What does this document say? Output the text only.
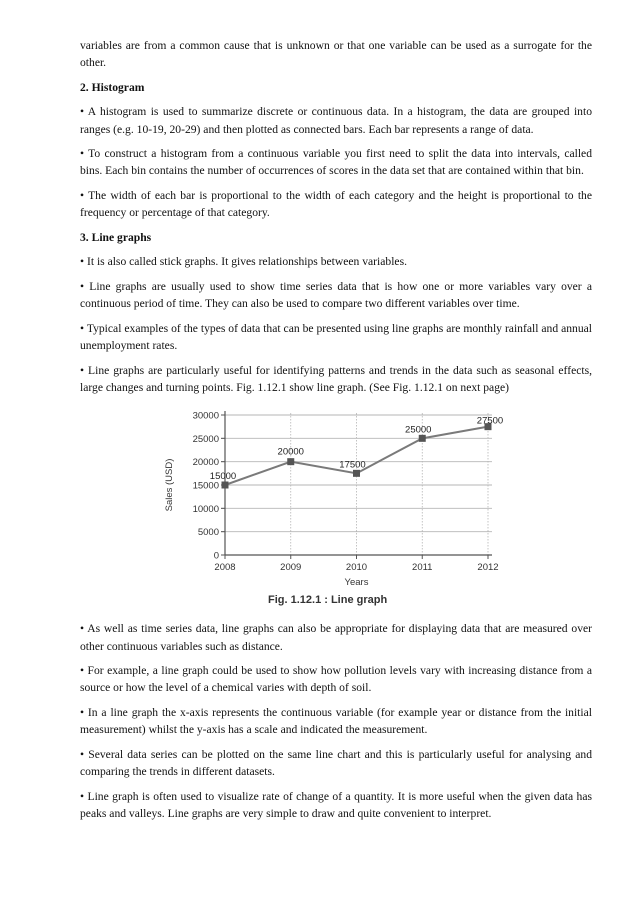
variables are from a common cause that is unknown or that one variable can be used as a surrogate for the other.

2. Histogram

• A histogram is used to summarize discrete or continuous data. In a histogram, the data are grouped into ranges (e.g. 10-19, 20-29) and then plotted as connected bars. Each bar represents a range of data.

• To construct a histogram from a continuous variable you first need to split the data into intervals, called bins. Each bin contains the number of occurrences of scores in the data set that are contained within that bin.

• The width of each bar is proportional to the width of each category and the height is proportional to the frequency or percentage of that category.

3. Line graphs

• It is also called stick graphs. It gives relationships between variables.

• Line graphs are usually used to show time series data that is how one or more variables vary over a continuous period of time. They can also be used to compare two different variables over time.

• Typical examples of the types of data that can be presented using line graphs are monthly rainfall and annual unemployment rates.

• Line graphs are particularly useful for identifying patterns and trends in the data such as seasonal effects, large changes and turning points. Fig. 1.12.1 show line graph. (See Fig. 1.12.1 on next page)

0
5000
10000
15000
20000
25000
30000
2008	2009	2010	2011	2012
Years
Sales (USD)	15000
20000
17500
25000
27500
Fig. 1.12.1 : Line graph

• As well as time series data, line graphs can also be appropriate for displaying data that are measured over other continuous variables such as distance.

• For example, a line graph could be used to show how pollution levels vary with increasing distance from a source or how the level of a chemical varies with depth of soil.

• In a line graph the x-axis represents the continuous variable (for example year or distance from the initial measurement) whilst the y-axis has a scale and indicated the measurement.

• Several data series can be plotted on the same line chart and this is particularly useful for analysing and comparing the trends in different datasets.

• Line graph is often used to visualize rate of change of a quantity. It is more useful when the given data has peaks and valleys. Line graphs are very simple to draw and quite convenient to interpret.
